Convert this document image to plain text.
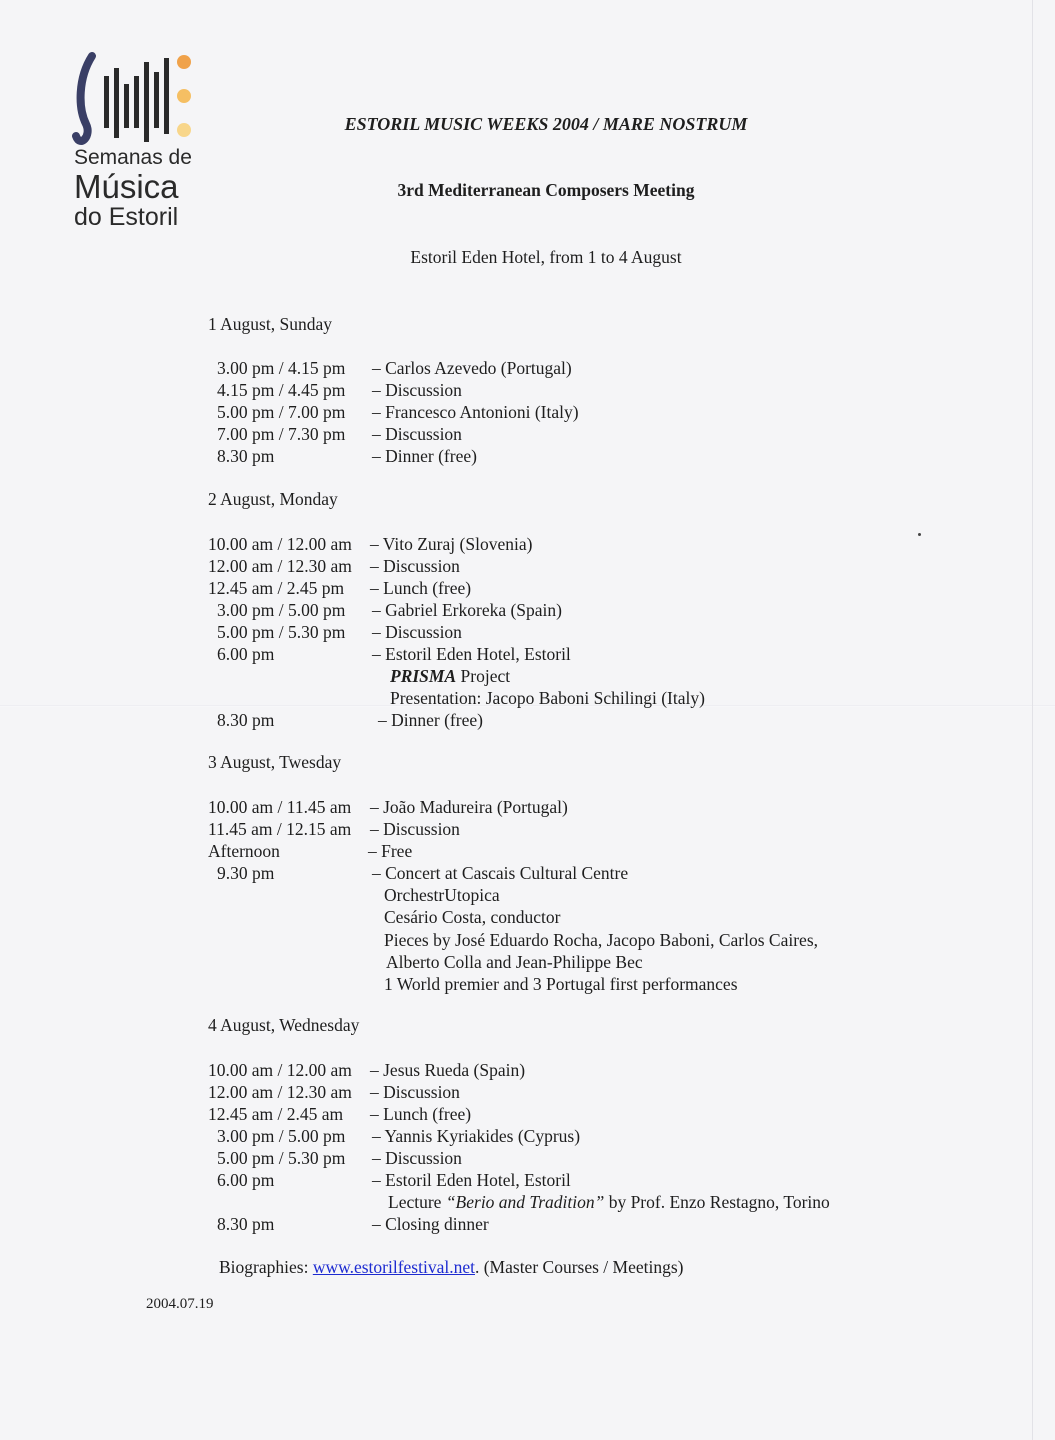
Semanas de
Música
do Estoril
ESTORIL MUSIC WEEKS 2004 / MARE NOSTRUM
3rd Mediterranean Composers Meeting
Estoril Eden Hotel, from 1 to 4 August
1 August, Sunday
3.00 pm / 4.15 pm – Carlos Azevedo (Portugal)
4.15 pm / 4.45 pm – Discussion
5.00 pm / 7.00 pm – Francesco Antonioni (Italy)
7.00 pm / 7.30 pm – Discussion
8.30 pm	– Dinner (free)
2 August, Monday
10.00 am / 12.00 am – Vito Zuraj (Slovenia)
12.00 am / 12.30 am – Discussion
12.45 am / 2.45 pm – Lunch (free)
3.00 pm / 5.00 pm – Gabriel Erkoreka (Spain)
5.00 pm / 5.30 pm – Discussion
6.00 pm	– Estoril Eden Hotel, Estoril
PRISMA Project
Presentation: Jacopo Baboni Schilingi (Italy)
8.30 pm	– Dinner (free)
3 August, Twesday
10.00 am / 11.45 am – João Madureira (Portugal)
11.45 am / 12.15 am – Discussion
Afternoon	– Free
9.30 pm	– Concert at Cascais Cultural Centre
OrchestrUtopica
Cesário Costa, conductor
Pieces by José Eduardo Rocha, Jacopo Baboni, Carlos Caires,
Alberto Colla and Jean-Philippe Bec
1 World premier and 3 Portugal first performances
4 August, Wednesday
10.00 am / 12.00 am – Jesus Rueda (Spain)
12.00 am / 12.30 am – Discussion
12.45 am / 2.45 am – Lunch (free)
3.00 pm / 5.00 pm – Yannis Kyriakides (Cyprus)
5.00 pm / 5.30 pm – Discussion
6.00 pm	– Estoril Eden Hotel, Estoril
Lecture “Berio and Tradition” by Prof. Enzo Restagno, Torino
8.30 pm	– Closing dinner
Biographies: www.estorilfestival.net. (Master Courses / Meetings)
2004.07.19
